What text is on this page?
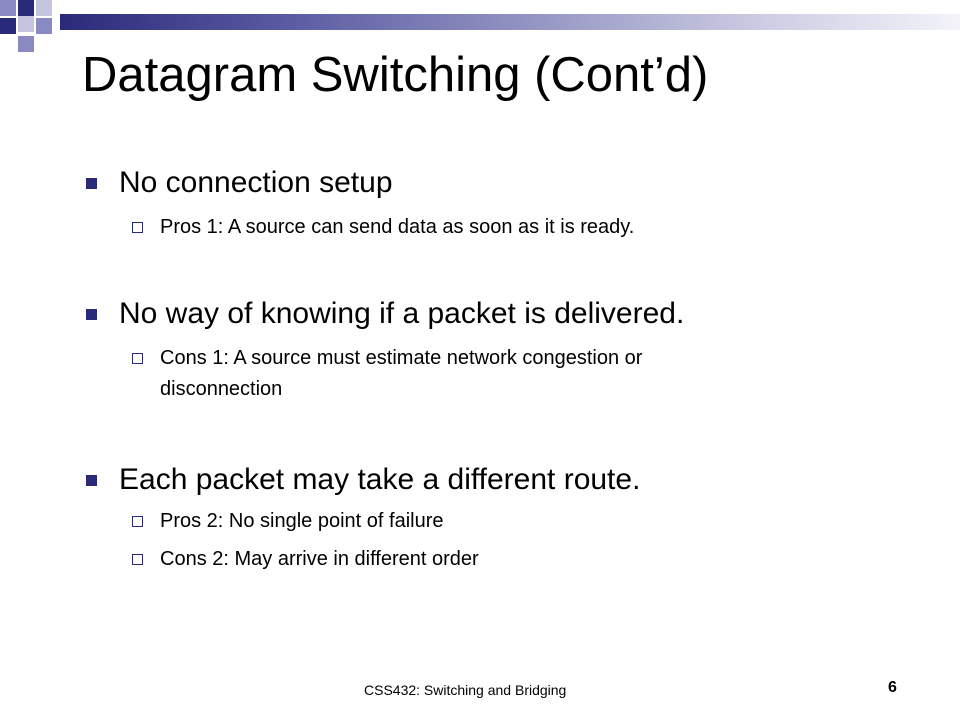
Datagram Switching (Cont’d)
No connection setup
Pros 1: A source can send data as soon as it is ready.
No way of knowing if a packet is delivered.
Cons 1: A source must estimate network congestion or
disconnection
Each packet may take a different route.
Pros 2: No single point of failure
Cons 2: May arrive in different order
CSS432: Switching and Bridging	6
